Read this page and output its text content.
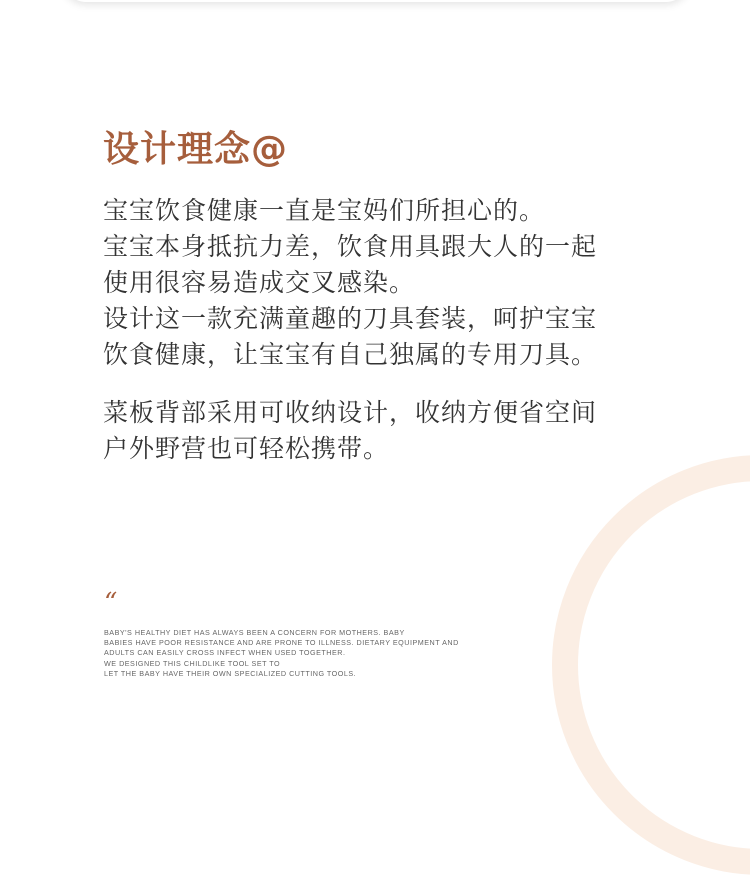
设计理念@
宝宝饮食健康一直是宝妈们所担心的。
宝宝本身抵抗力差，饮食用具跟大人的一起
使用很容易造成交叉感染。
设计这一款充满童趣的刀具套装，呵护宝宝
饮食健康，让宝宝有自己独属的专用刀具。
菜板背部采用可收纳设计，收纳方便省空间
户外野营也可轻松携带。
“
BABY'S HEALTHY DIET HAS ALWAYS BEEN A CONCERN FOR MOTHERS. BABY
BABIES HAVE POOR RESISTANCE AND ARE PRONE TO ILLNESS. DIETARY EQUIPMENT AND
ADULTS CAN EASILY CROSS INFECT WHEN USED TOGETHER.
WE DESIGNED THIS CHILDLIKE TOOL SET TO
LET THE BABY HAVE THEIR OWN SPECIALIZED CUTTING TOOLS.
